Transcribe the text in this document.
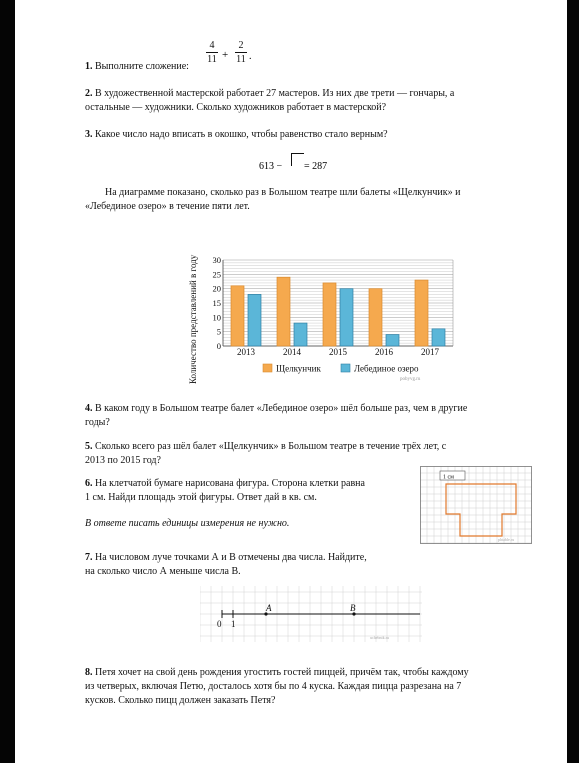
1. Выполните сложение:
4
11 +
2
11 .
2. В художественной мастерской работает 27 мастеров. Из них две трети — гончары, а
остальные — художники. Сколько художников работает в мастерской?
3. Какое число надо вписать в окошко, чтобы равенство стало верным?
613 − = 287
На диаграмме показано, сколько раз в Большом театре шли балеты «Щелкунчик» и
«Лебединое озеро» в течение пяти лет.
Количество представлений в году 0
5
10
15
20
25
30
2013	2014	2015	2016	2017
Щелкунчик	Лебединое озеро
pobyvg.ru
4. В каком году в Большом театре балет «Лебединое озеро» шёл больше раз, чем в другие
годы?
5. Сколько всего раз шёл балет «Щелкунчик» в Большом театре в течение трёх лет, с
2013 по 2015 год?
6. На клетчатой бумаге нарисована фигура. Сторона клетки равна
1 см. Найди площадь этой фигуры. Ответ дай в кв. см.
В ответе писать единицы измерения не нужно.
1 см
phtable.ru
7. На числовом луче точками А и В отмечены два числа. Найдите,
на сколько число А меньше числа В.
0 1
А	В
uchebnik.ru
8. Петя хочет на свой день рождения угостить гостей пиццей, причём так, чтобы каждому
из четверых, включая Петю, досталось хотя бы по 4 куска. Каждая пицца разрезана на 7
кусков. Сколько пицц должен заказать Петя?
